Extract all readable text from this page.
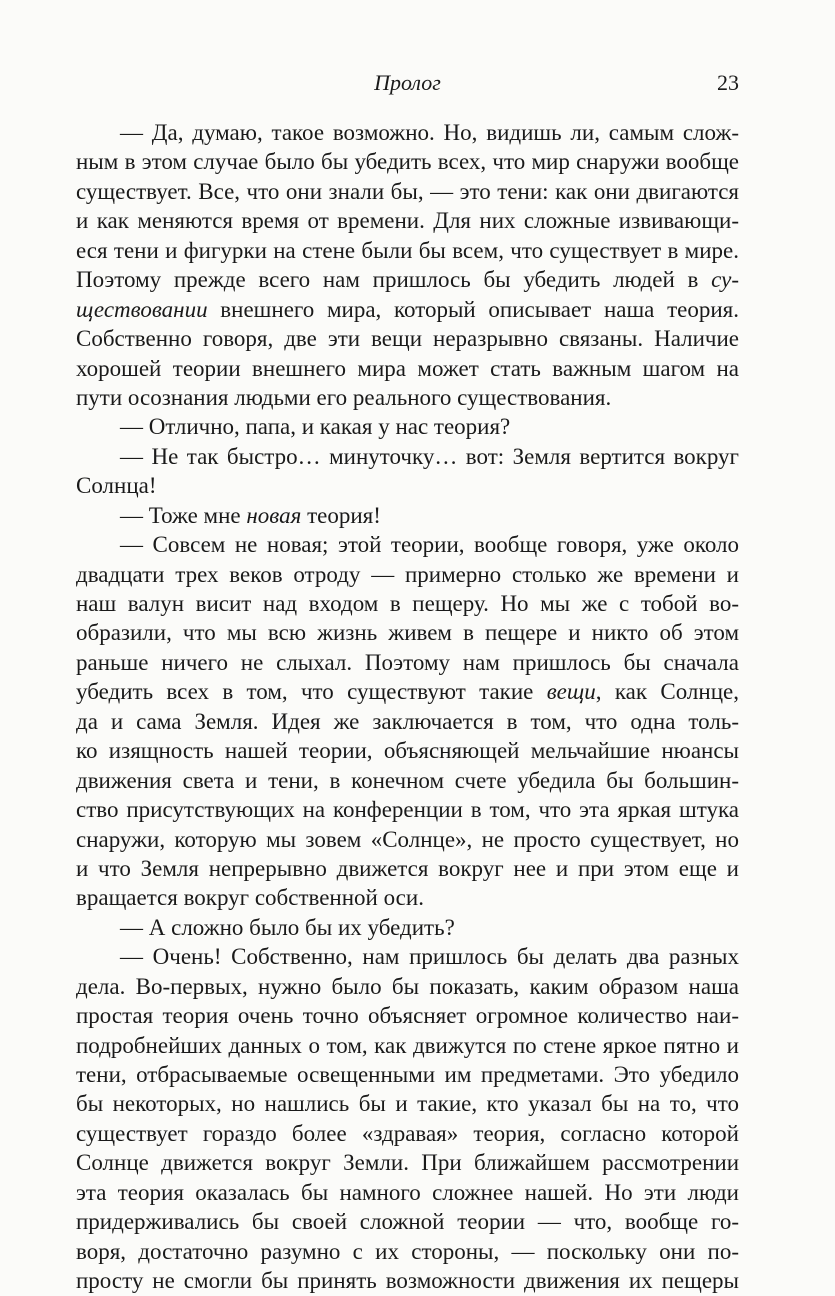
Пролог	23
— Да, думаю, такое возможно. Но, видишь ли, самым слож-
ным в этом случае было бы убедить всех, что мир снаружи вообще
существует. Все, что они знали бы, — это тени: как они двигаются
и как меняются время от времени. Для них сложные извивающи-
еся тени и фигурки на стене были бы всем, что существует в мире.
Поэтому прежде всего нам пришлось бы убедить людей в су-
ществовании внешнего мира, который описывает наша теория.
Собственно говоря, две эти вещи неразрывно связаны. Наличие
хорошей теории внешнего мира может стать важным шагом на
пути осознания людьми его реального существования.
— Отлично, папа, и какая у нас теория?
— Не так быстро… минуточку… вот: Земля вертится вокруг
Солнца!
— Тоже мне новая теория!
— Совсем не новая; этой теории, вообще говоря, уже около
двадцати трех веков отроду — примерно столько же времени и
наш валун висит над входом в пещеру. Но мы же с тобой во-
образили, что мы всю жизнь живем в пещере и никто об этом
раньше ничего не слыхал. Поэтому нам пришлось бы сначала
убедить всех в том, что существуют такие вещи, как Солнце,
да и сама Земля. Идея же заключается в том, что одна толь-
ко изящность нашей теории, объясняющей мельчайшие нюансы
движения света и тени, в конечном счете убедила бы большин-
ство присутствующих на конференции в том, что эта яркая штука
снаружи, которую мы зовем «Солнце», не просто существует, но
и что Земля непрерывно движется вокруг нее и при этом еще и
вращается вокруг собственной оси.
— А сложно было бы их убедить?
— Очень! Собственно, нам пришлось бы делать два разных
дела. Во-первых, нужно было бы показать, каким образом наша
простая теория очень точно объясняет огромное количество наи-
подробнейших данных о том, как движутся по стене яркое пятно и
тени, отбрасываемые освещенными им предметами. Это убедило
бы некоторых, но нашлись бы и такие, кто указал бы на то, что
существует гораздо более «здравая» теория, согласно которой
Солнце движется вокруг Земли. При ближайшем рассмотрении
эта теория оказалась бы намного сложнее нашей. Но эти люди
придерживались бы своей сложной теории — что, вообще го-
воря, достаточно разумно с их стороны, — поскольку они по-
просту не смогли бы принять возможности движения их пещеры
